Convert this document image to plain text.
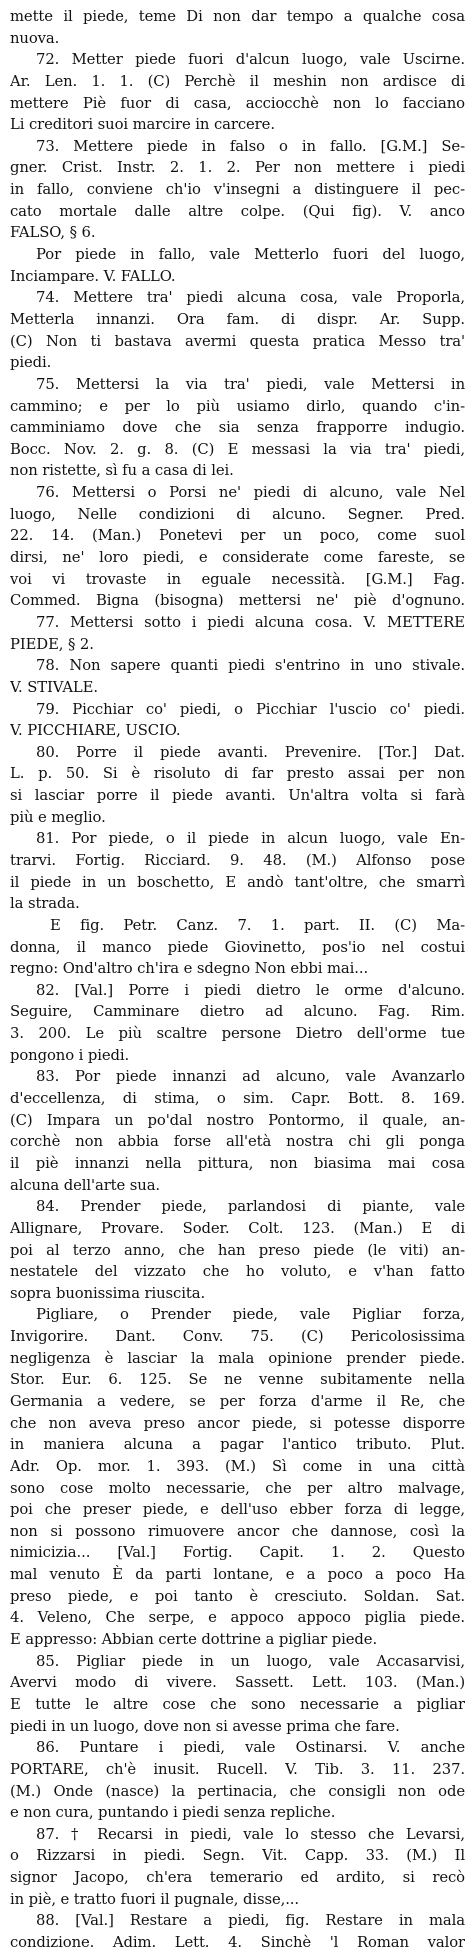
mette il piede, teme Di non dar tempo a qualche cosa
nuova.
72. Metter piede fuori d'alcun luogo, vale Uscirne.
Ar. Len. 1. 1. (C) Perchè il meshin non ardisce di
mettere Piè fuor di casa, acciocchè non lo facciano
Li creditori suoi marcire in carcere.
73. Mettere piede in falso o in fallo. [G.M.] Se-
gner. Crist. Instr. 2. 1. 2. Per non mettere i piedi
in fallo, conviene ch'io v'insegni a distinguere il pec-
cato mortale dalle altre colpe. (Qui fig). V. anco
FALSO, § 6.
Por piede in fallo, vale Metterlo fuori del luogo,
Inciampare. V. FALLO.
74. Mettere tra' piedi alcuna cosa, vale Proporla,
Metterla innanzi. Ora fam. di dispr. Ar. Supp.
(C) Non ti bastava avermi questa pratica Messo tra'
piedi.
75. Mettersi la via tra' piedi, vale Mettersi in
cammino; e per lo più usiamo dirlo, quando c'in-
camminiamo dove che sia senza frapporre indugio.
Bocc. Nov. 2. g. 8. (C) E messasi la via tra' piedi,
non ristette, sì fu a casa di lei.
76. Mettersi o Porsi ne' piedi di alcuno, vale Nel
luogo, Nelle condizioni di alcuno. Segner. Pred.
22. 14. (Man.) Ponetevi per un poco, come suol
dirsi, ne' loro piedi, e considerate come fareste, se
voi vi trovaste in eguale necessità. [G.M.] Fag.
Commed. Bigna (bisogna) mettersi ne' piè d'ognuno.
77. Mettersi sotto i piedi alcuna cosa. V. METTERE
PIEDE, § 2.
78. Non sapere quanti piedi s'entrino in uno stivale.
V. STIVALE.
79. Picchiar co' piedi, o Picchiar l'uscio co' piedi.
V. PICCHIARE, USCIO.
80. Porre il piede avanti. Prevenire. [Tor.] Dat.
L. p. 50. Si è risoluto di far presto assai per non
si lasciar porre il piede avanti. Un'altra volta si farà
più e meglio.
81. Por piede, o il piede in alcun luogo, vale En-
trarvi. Fortig. Ricciard. 9. 48. (M.) Alfonso pose
il piede in un boschetto, E andò tant'oltre, che smarrì
la strada.
E fig. Petr. Canz. 7. 1. part. II. (C) Ma-
donna, il manco piede Giovinetto, pos'io nel costui
regno: Ond'altro ch'ira e sdegno Non ebbi mai...
82. [Val.] Porre i piedi dietro le orme d'alcuno.
Seguire, Camminare dietro ad alcuno. Fag. Rim.
3. 200. Le più scaltre persone Dietro dell'orme tue
pongono i piedi.
83. Por piede innanzi ad alcuno, vale Avanzarlo
d'eccellenza, di stima, o sim. Capr. Bott. 8. 169.
(C) Impara un po'dal nostro Pontormo, il quale, an-
corchè non abbia forse all'età nostra chi gli ponga
il piè innanzi nella pittura, non biasima mai cosa
alcuna dell'arte sua.
84. Prender piede, parlandosi di piante, vale
Allignare, Provare. Soder. Colt. 123. (Man.) E di
poi al terzo anno, che han preso piede (le viti) an-
nestatele del vizzato che ho voluto, e v'han fatto
sopra buonissima riuscita.
Pigliare, o Prender piede, vale Pigliar forza,
Invigorire. Dant. Conv. 75. (C) Pericolosissima
negligenza è lasciar la mala opinione prender piede.
Stor. Eur. 6. 125. Se ne venne subitamente nella
Germania a vedere, se per forza d'arme il Re, che
che non aveva preso ancor piede, si potesse disporre
in maniera alcuna a pagar l'antico tributo. Plut.
Adr. Op. mor. 1. 393. (M.) Sì come in una città
sono cose molto necessarie, che per altro malvage,
poi che preser piede, e dell'uso ebber forza di legge,
non si possono rimuovere ancor che dannose, così la
nimicizia... [Val.] Fortig. Capit. 1. 2. Questo
mal venuto È da parti lontane, e a poco a poco Ha
preso piede, e poi tanto è cresciuto. Soldan. Sat.
4. Veleno, Che serpe, e appoco appoco piglia piede.
E appresso: Abbian certe dottrine a pigliar piede.
85. Pigliar piede in un luogo, vale Accasarvisi,
Avervi modo di vivere. Sassett. Lett. 103. (Man.)
E tutte le altre cose che sono necessarie a pigliar
piedi in un luogo, dove non si avesse prima che fare.
86. Puntare i piedi, vale Ostinarsi. V. anche
PORTARE, ch'è inusit. Rucell. V. Tib. 3. 11. 237.
(M.) Onde (nasce) la pertinacia, che consigli non ode
e non cura, puntando i piedi senza repliche.
87. † Recarsi in piedi, vale lo stesso che Levarsi,
o Rizzarsi in piedi. Segn. Vit. Capp. 33. (M.) Il
signor Jacopo, ch'era temerario ed ardito, si recò
in piè, e tratto fuori il pugnale, disse,...
88. [Val.] Restare a piedi, fig. Restare in mala
condizione. Adim. Lett. 4. Sinchè 'l Roman valor
